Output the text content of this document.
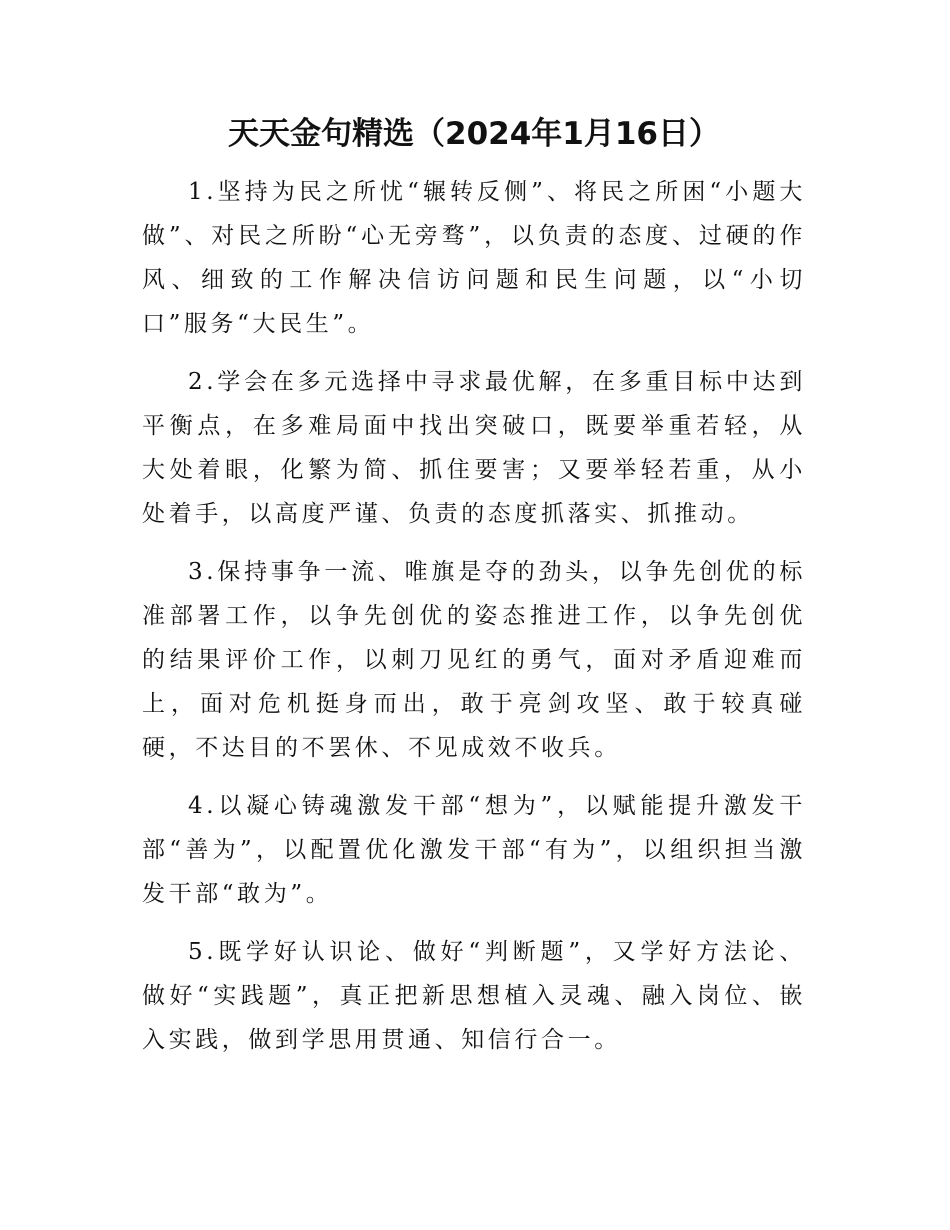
天天金句精选（2024年1月16日）

1.坚持为民之所忧“辗转反侧”、将民之所困“小题大做”、对民之所盼“心无旁骛”，以负责的态度、过硬的作风、细致的工作解决信访问题和民生问题，以“小切口”服务“大民生”。

2.学会在多元选择中寻求最优解，在多重目标中达到平衡点，在多难局面中找出突破口，既要举重若轻，从大处着眼，化繁为简、抓住要害；又要举轻若重，从小处着手，以高度严谨、负责的态度抓落实、抓推动。

3.保持事争一流、唯旗是夺的劲头，以争先创优的标准部署工作，以争先创优的姿态推进工作，以争先创优的结果评价工作，以刺刀见红的勇气，面对矛盾迎难而上，面对危机挺身而出，敢于亮剑攻坚、敢于较真碰硬，不达目的不罢休、不见成效不收兵。

4.以凝心铸魂激发干部“想为”，以赋能提升激发干部“善为”，以配置优化激发干部“有为”，以组织担当激发干部“敢为”。

5.既学好认识论、做好“判断题”，又学好方法论、做好“实践题”，真正把新思想植入灵魂、融入岗位、嵌入实践，做到学思用贯通、知信行合一。
